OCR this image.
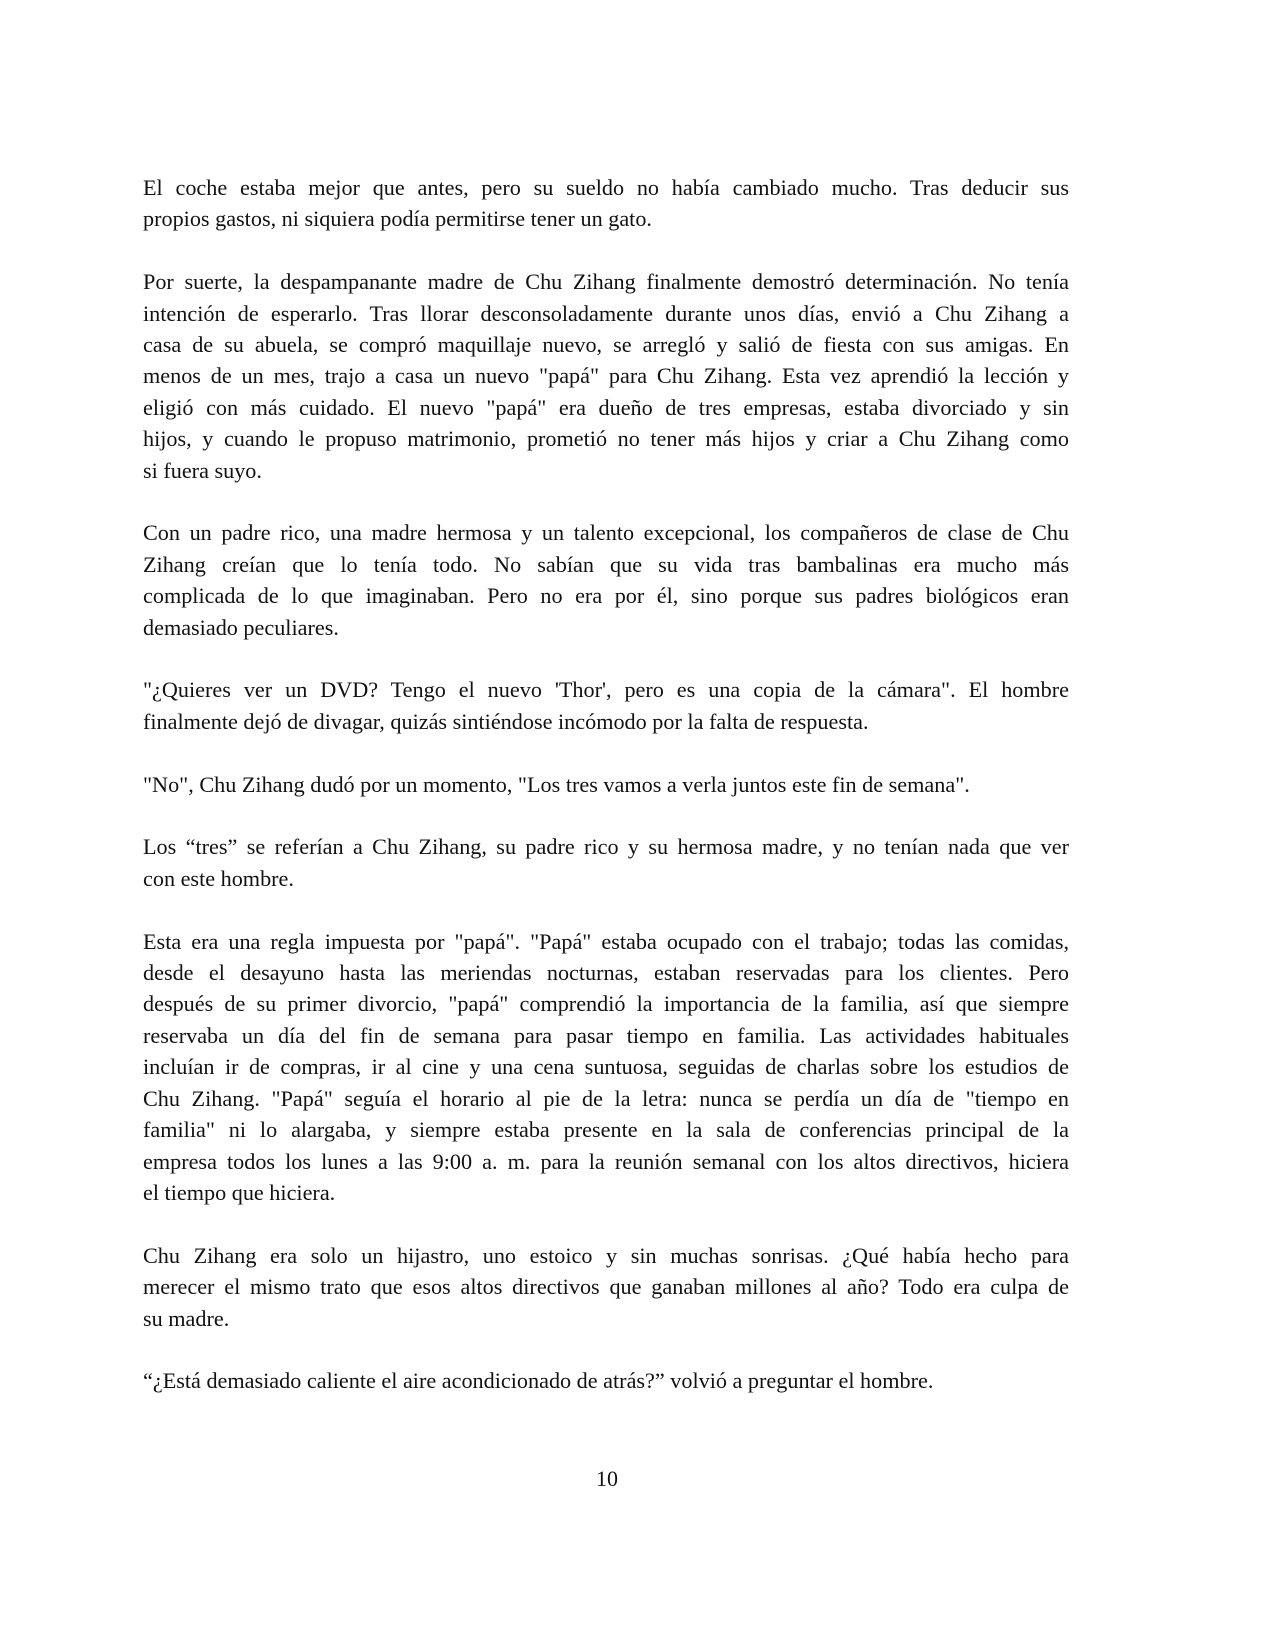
El coche estaba mejor que antes, pero su sueldo no había cambiado mucho. Tras deducir sus
propios gastos, ni siquiera podía permitirse tener un gato.
Por suerte, la despampanante madre de Chu Zihang finalmente demostró determinación. No tenía
intención de esperarlo. Tras llorar desconsoladamente durante unos días, envió a Chu Zihang a
casa de su abuela, se compró maquillaje nuevo, se arregló y salió de fiesta con sus amigas. En
menos de un mes, trajo a casa un nuevo "papá" para Chu Zihang. Esta vez aprendió la lección y
eligió con más cuidado. El nuevo "papá" era dueño de tres empresas, estaba divorciado y sin
hijos, y cuando le propuso matrimonio, prometió no tener más hijos y criar a Chu Zihang como
si fuera suyo.
Con un padre rico, una madre hermosa y un talento excepcional, los compañeros de clase de Chu
Zihang creían que lo tenía todo. No sabían que su vida tras bambalinas era mucho más
complicada de lo que imaginaban. Pero no era por él, sino porque sus padres biológicos eran
demasiado peculiares.
"¿Quieres ver un DVD? Tengo el nuevo 'Thor', pero es una copia de la cámara". El hombre
finalmente dejó de divagar, quizás sintiéndose incómodo por la falta de respuesta.
"No", Chu Zihang dudó por un momento, "Los tres vamos a verla juntos este fin de semana".
Los “tres” se referían a Chu Zihang, su padre rico y su hermosa madre, y no tenían nada que ver
con este hombre.
Esta era una regla impuesta por "papá". "Papá" estaba ocupado con el trabajo; todas las comidas,
desde el desayuno hasta las meriendas nocturnas, estaban reservadas para los clientes. Pero
después de su primer divorcio, "papá" comprendió la importancia de la familia, así que siempre
reservaba un día del fin de semana para pasar tiempo en familia. Las actividades habituales
incluían ir de compras, ir al cine y una cena suntuosa, seguidas de charlas sobre los estudios de
Chu Zihang. "Papá" seguía el horario al pie de la letra: nunca se perdía un día de "tiempo en
familia" ni lo alargaba, y siempre estaba presente en la sala de conferencias principal de la
empresa todos los lunes a las 9:00 a. m. para la reunión semanal con los altos directivos, hiciera
el tiempo que hiciera.
Chu Zihang era solo un hijastro, uno estoico y sin muchas sonrisas. ¿Qué había hecho para
merecer el mismo trato que esos altos directivos que ganaban millones al año? Todo era culpa de
su madre.
“¿Está demasiado caliente el aire acondicionado de atrás?” volvió a preguntar el hombre.
10
